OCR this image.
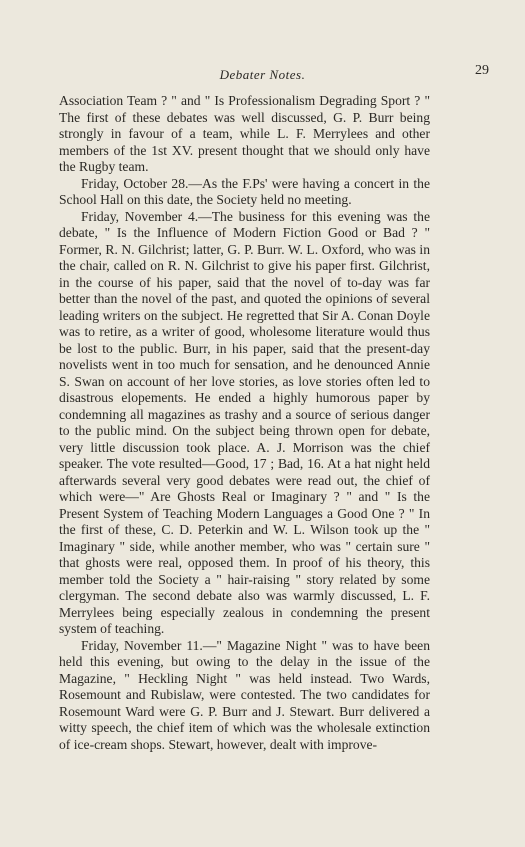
Debater Notes.	29

Association Team ? " and " Is Professionalism Degrading Sport ? " The first of these debates was well discussed, G. P. Burr being strongly in favour of a team, while L. F. Merrylees and other members of the 1st XV. present thought that we should only have the Rugby team.

Friday, October 28.—As the F.Ps' were having a concert in the School Hall on this date, the Society held no meeting.

Friday, November 4.—The business for this evening was the debate, " Is the Influence of Modern Fiction Good or Bad ? " Former, R. N. Gilchrist; latter, G. P. Burr. W. L. Oxford, who was in the chair, called on R. N. Gilchrist to give his paper first. Gilchrist, in the course of his paper, said that the novel of to-day was far better than the novel of the past, and quoted the opinions of several leading writers on the subject. He regretted that Sir A. Conan Doyle was to retire, as a writer of good, wholesome literature would thus be lost to the public. Burr, in his paper, said that the present-day novelists went in too much for sensation, and he denounced Annie S. Swan on account of her love stories, as love stories often led to disastrous elopements. He ended a highly humorous paper by condemning all magazines as trashy and a source of serious danger to the public mind. On the subject being thrown open for debate, very little discussion took place. A. J. Morrison was the chief speaker. The vote resulted—Good, 17 ; Bad, 16. At a hat night held afterwards several very good debates were read out, the chief of which were—" Are Ghosts Real or Imaginary ? " and " Is the Present System of Teaching Modern Languages a Good One ? " In the first of these, C. D. Peterkin and W. L. Wilson took up the " Imaginary " side, while another member, who was " certain sure " that ghosts were real, opposed them. In proof of his theory, this member told the Society a " hair-raising " story related by some clergyman. The second debate also was warmly discussed, L. F. Merrylees being especially zealous in condemning the present system of teaching.

Friday, November 11.—" Magazine Night " was to have been held this evening, but owing to the delay in the issue of the Magazine, " Heckling Night " was held instead. Two Wards, Rosemount and Rubislaw, were contested. The two candidates for Rosemount Ward were G. P. Burr and J. Stewart. Burr delivered a witty speech, the chief item of which was the wholesale extinction of ice-cream shops. Stewart, however, dealt with improve-
